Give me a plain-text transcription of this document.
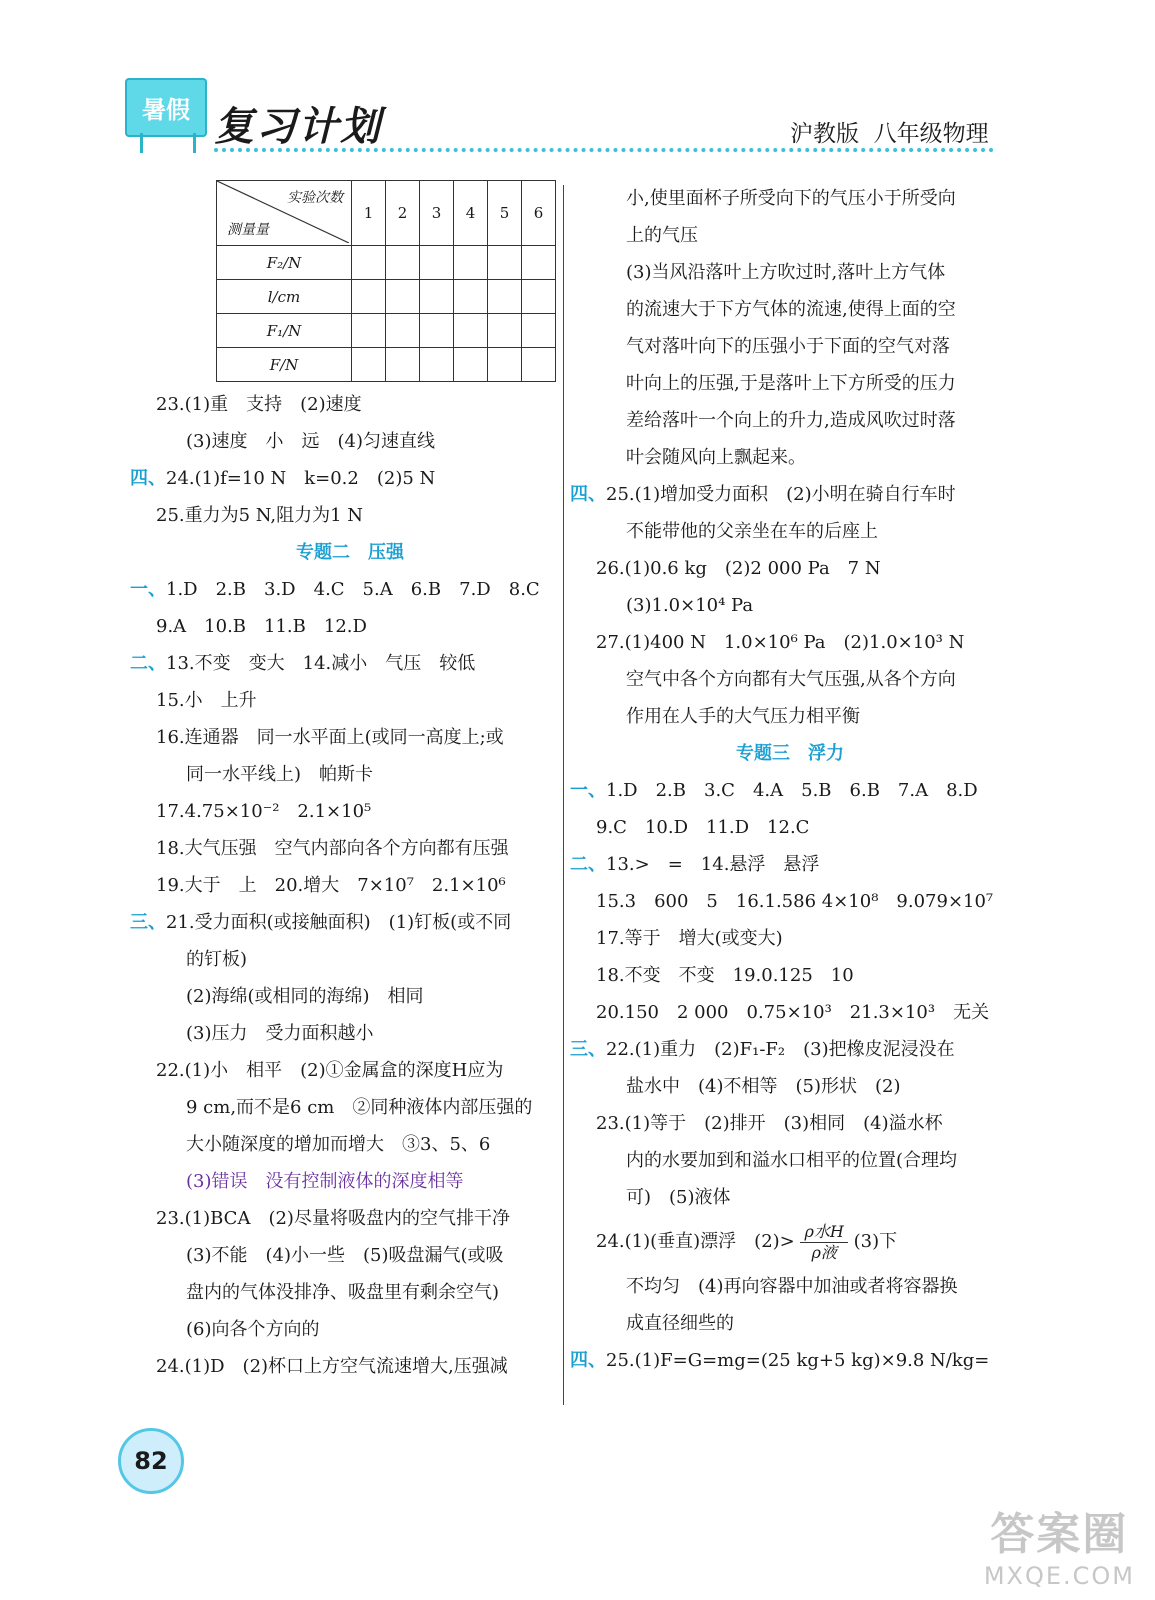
暑假 复习计划	沪教版 八年级物理
实验次数
测量量	1	2	3	4	5	6
F₂/N						
l/cm						
F₁/N						
F/N						
23.(1)重　支持　(2)速度
(3)速度　小　远　(4)匀速直线
四、24.(1)f=10 N　k=0.2　(2)5 N
25.重力为5 N,阻力为1 N
专题二　压强
一、1.D　2.B　3.D　4.C　5.A　6.B　7.D　8.C
9.A　10.B　11.B　12.D
二、13.不变　变大　14.减小　气压　较低
15.小　上升
16.连通器　同一水平面上(或同一高度上;或
同一水平线上)　帕斯卡
17.4.75×10⁻²　2.1×10⁵
18.大气压强　空气内部向各个方向都有压强
19.大于　上　20.增大　7×10⁷　2.1×10⁶
三、21.受力面积(或接触面积)　(1)钉板(或不同
的钉板)
(2)海绵(或相同的海绵)　相同
(3)压力　受力面积越小
22.(1)小　相平　(2)①金属盒的深度H应为
9 cm,而不是6 cm　②同种液体内部压强的
大小随深度的增加而增大　③3、5、6
(3)错误　没有控制液体的深度相等
23.(1)BCA　(2)尽量将吸盘内的空气排干净
(3)不能　(4)小一些　(5)吸盘漏气(或吸
盘内的气体没排净、吸盘里有剩余空气)
(6)向各个方向的
24.(1)D　(2)杯口上方空气流速增大,压强减
小,使里面杯子所受向下的气压小于所受向
上的气压
(3)当风沿落叶上方吹过时,落叶上方气体
的流速大于下方气体的流速,使得上面的空
气对落叶向下的压强小于下面的空气对落
叶向上的压强,于是落叶上下方所受的压力
差给落叶一个向上的升力,造成风吹过时落
叶会随风向上飘起来。
四、25.(1)增加受力面积　(2)小明在骑自行车时
不能带他的父亲坐在车的后座上
26.(1)0.6 kg　(2)2 000 Pa　7 N
(3)1.0×10⁴ Pa
27.(1)400 N　1.0×10⁶ Pa　(2)1.0×10³ N
空气中各个方向都有大气压强,从各个方向
作用在人手的大气压力相平衡
专题三　浮力
一、1.D　2.B　3.C　4.A　5.B　6.B　7.A　8.D
9.C　10.D　11.D　12.C
二、13.>　=　14.悬浮　悬浮
15.3　600　5　16.1.586 4×10⁸　9.079×10⁷
17.等于　增大(或变大)
18.不变　不变　19.0.125　10
20.150　2 000　0.75×10³　21.3×10³　无关
三、22.(1)重力　(2)F₁-F₂　(3)把橡皮泥浸没在
盐水中　(4)不相等　(5)形状　(2)
23.(1)等于　(2)排开　(3)相同　(4)溢水杯
内的水要加到和溢水口相平的位置(合理均
可)　(5)液体
24.(1)(垂直)漂浮　$(2)> \frac{\text{ρ水H}}{\text{ρ液}} (3)$下
不均匀　(4)再向容器中加油或者将容器换
成直径细些的
四、25.(1)F=G=mg=(25 kg+5 kg)×9.8 N/kg=
82
答案圈
MXQE.COM
